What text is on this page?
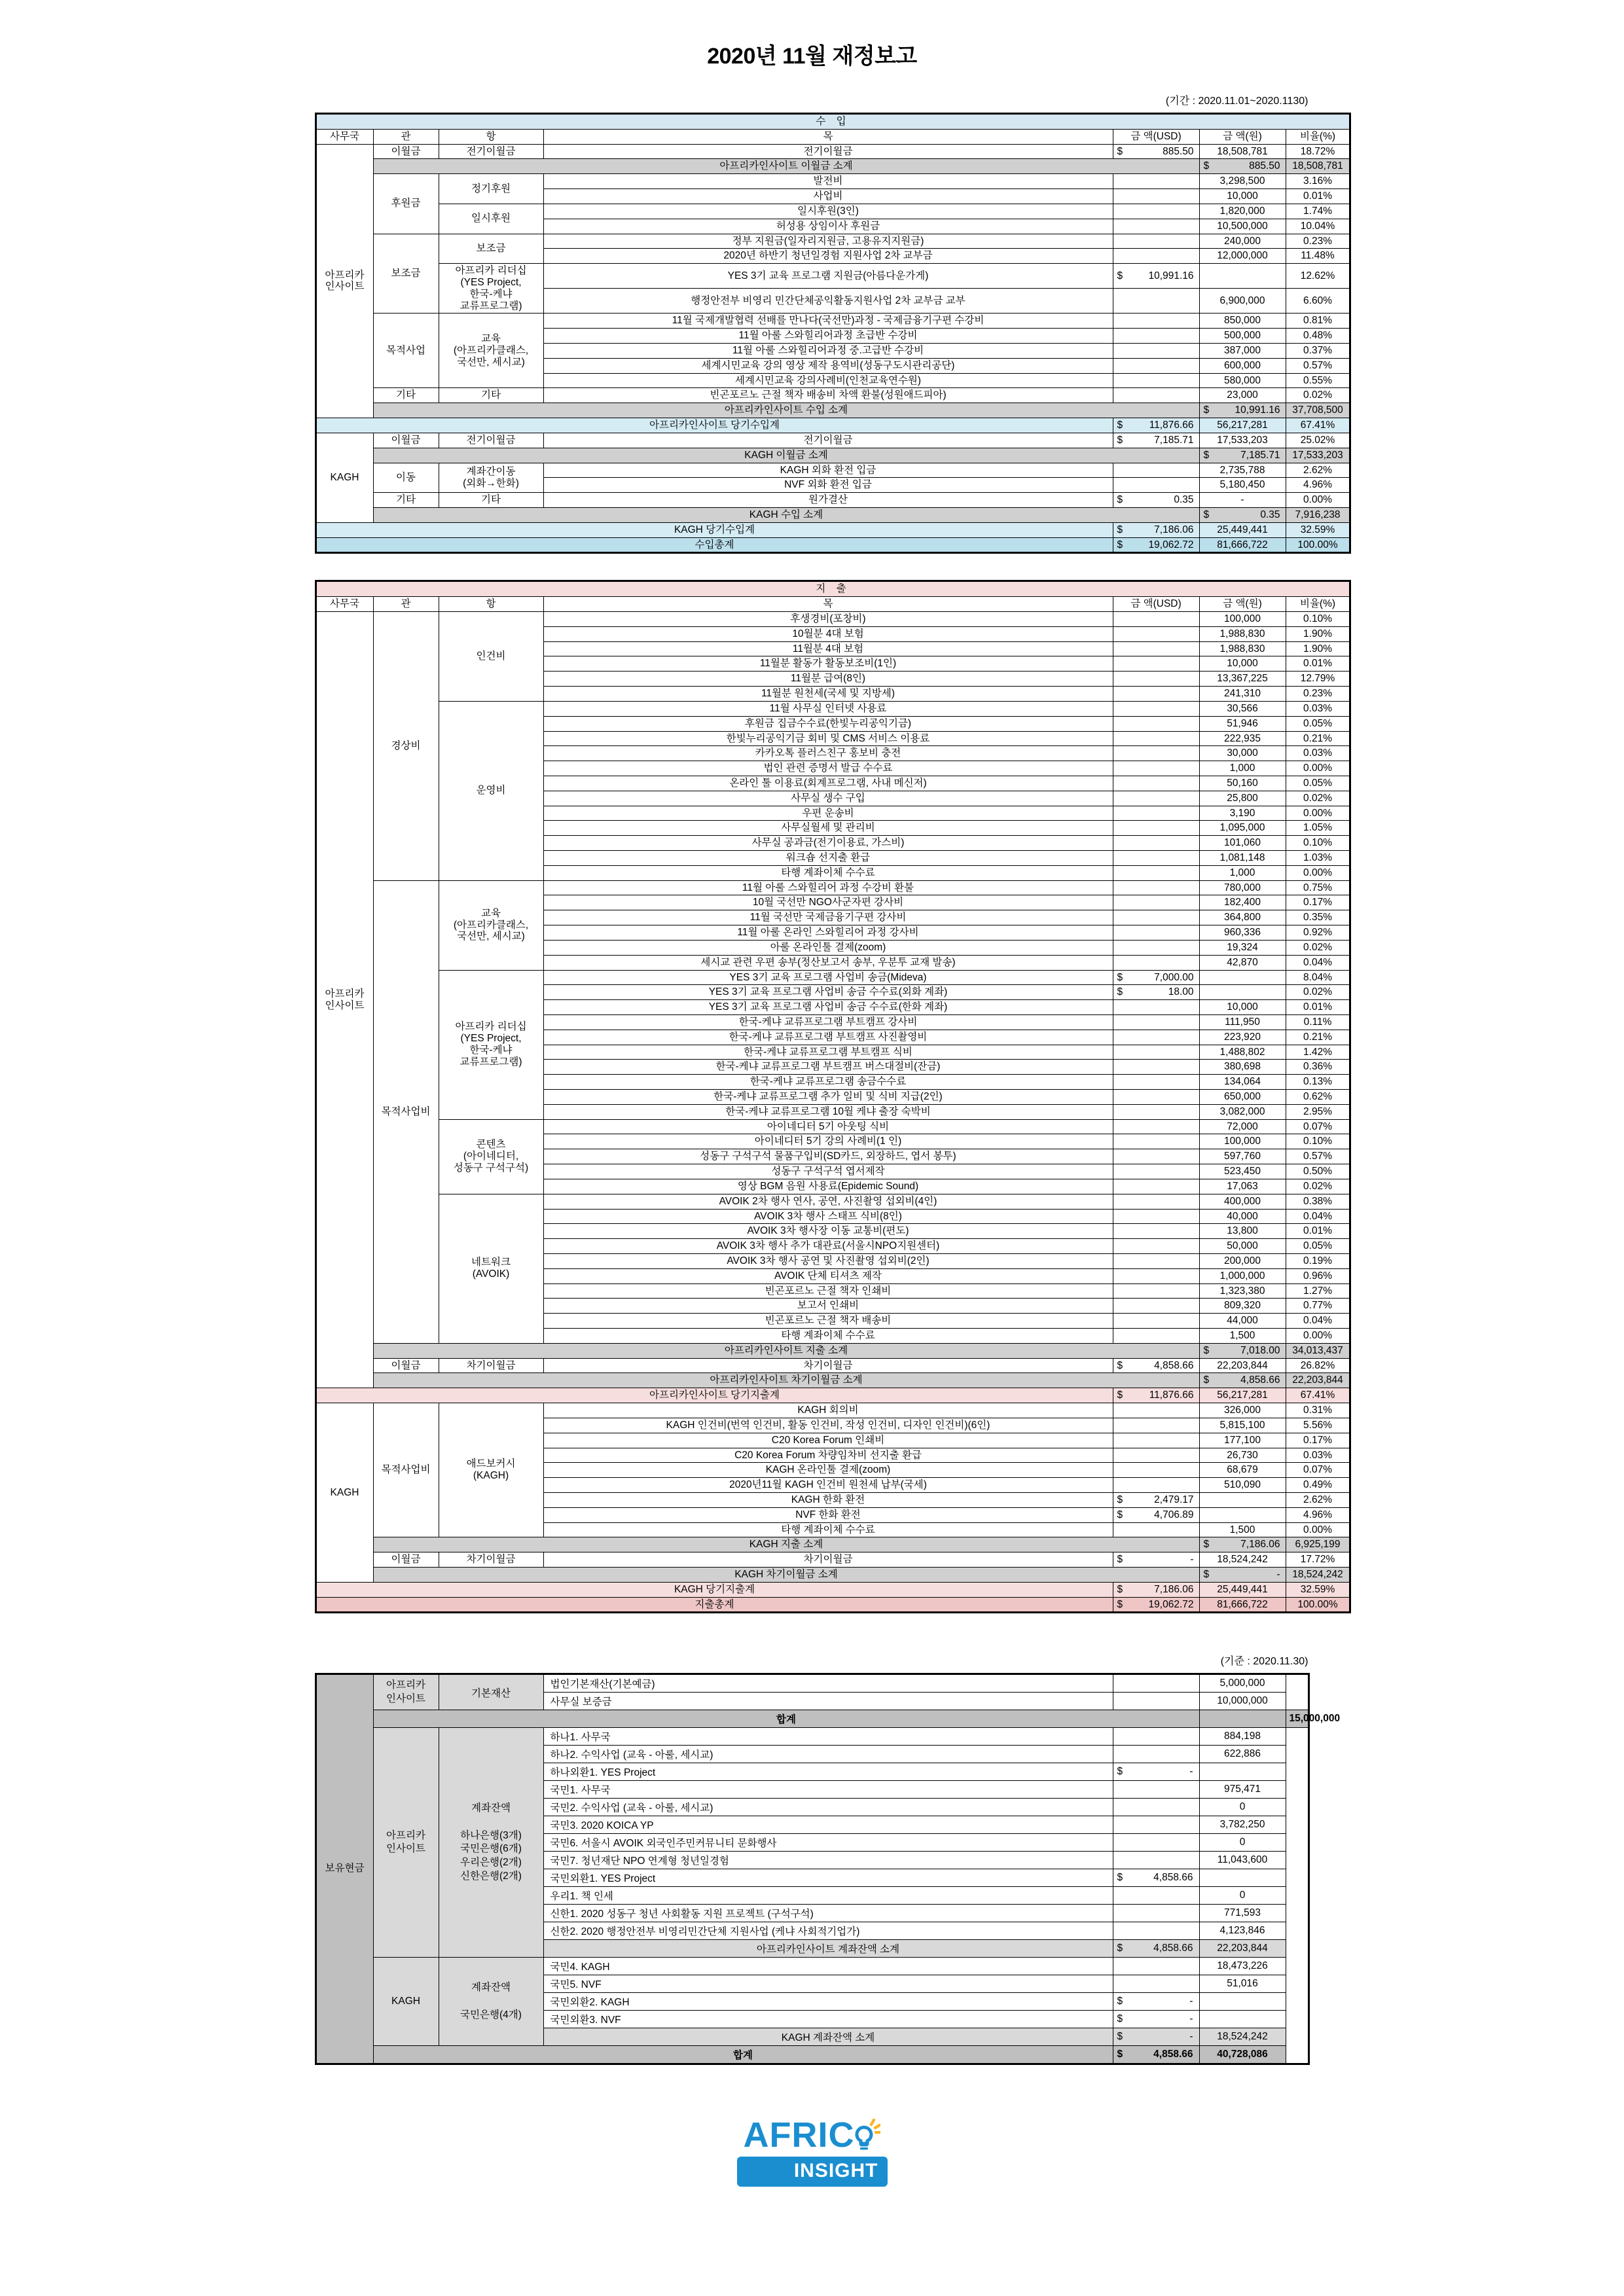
2020년 11월 재정보고
(기간 : 2020.11.01~2020.1130)
수 입							
사무국	관	항	목	금 액(USD)	금 액(원)	비율(%)	
아프리카
인사이트	이월금	전기이월금	전기이월금	$ 885.50	18,508,781	18.72%	
	아프리카인사이트 이월금 소계				$ 885.50	18,508,781	
	후원금	정기후원	발전비		3,298,500	3.16%	
			사업비		10,000	0.01%	
		일시후원	일시후원(3인)		1,820,000	1.74%	
			허성용 상임이사 후원금		10,500,000	10.04%	
	보조금	보조금	정부 지원금(일자리지원금, 고용유지지원금)		240,000	0.23%	
			2020년 하반기 청년일경험 지원사업 2차 교부금		12,000,000	11.48%	
		아프리카 리더십
(YES Project,
한국-케냐
교류프로그램)	YES 3기 교육 프로그램 지원금(아름다운가게)	$ 10,991.16		12.62%	
			행정안전부 비영리 민간단체공익활동지원사업 2차 교부금 교부		6,900,000	6.60%	
	목적사업	교육
(아프리카클래스,
국선만, 세시교)	11월 국제개발협력 선배를 만나다(국선만)과정 - 국제금융기구편 수강비		850,000	0.81%	
			11월 아룰 스와힐리어과정 초급반 수강비		500,000	0.48%	
			11월 아룰 스와힐리어과정 중.고급반 수강비		387,000	0.37%	
			세계시민교육 강의 영상 제작 용역비(성동구도시관리공단)		600,000	0.57%	
			세계시민교육 강의사례비(인천교육연수원)		580,000	0.55%	
	기타	기타	빈곤포르노 근절 책자 배송비 차액 환불(성원애드피아)		23,000	0.02%	
	아프리카인사이트 수입 소계				$ 10,991.16	37,708,500	
아프리카인사이트 당기수입계				$ 11,876.66	56,217,281	67.41%	
KAGH	이월금	전기이월금	전기이월금	$ 7,185.71	17,533,203	25.02%	
	KAGH 이월금 소계				$ 7,185.71	17,533,203	
	이동	계좌간이동
(외화→한화)	KAGH 외화 환전 입금		2,735,788	2.62%	
			NVF 외화 환전 입금		5,180,450	4.96%	
	기타	기타	원가결산	$ 0.35	-	0.00%	
	KAGH 수입 소계				$ 0.35	7,916,238	
KAGH 당기수입계				$ 7,186.06	25,449,441	32.59%	
수입총계				$ 19,062.72	81,666,722	100.00%	
지 출							
사무국	관	항	목	금 액(USD)	금 액(원)	비율(%)	
아프리카
인사이트	경상비	인건비	후생경비(포창비)		100,000	0.10%	
			10월분 4대 보험		1,988,830	1.90%	
			11월분 4대 보험		1,988,830	1.90%	
			11월분 활동가 활동보조비(1인)		10,000	0.01%	
			11월분 급여(8인)		13,367,225	12.79%	
			11월분 원천세(국세 및 지방세)		241,310	0.23%	
		운영비	11월 사무실 인터넷 사용료		30,566	0.03%	
			후원금 집금수수료(한빛누리공익기금)		51,946	0.05%	
			한빛누리공익기금 회비 및 CMS 서비스 이용료		222,935	0.21%	
			카카오톡 플러스친구 홍보비 충전		30,000	0.03%	
			법인 관련 증명서 발급 수수료		1,000	0.00%	
			온라인 툴 이용료(회계프로그램, 사내 메신저)		50,160	0.05%	
			사무실 생수 구입		25,800	0.02%	
			우편 운송비		3,190	0.00%	
			사무실월세 및 관리비		1,095,000	1.05%	
			사무실 공과금(전기이용료, 가스비)		101,060	0.10%	
			워크숍 선지출 환급		1,081,148	1.03%	
			타행 계좌이체 수수료		1,000	0.00%	
	목적사업비	교육
(아프리카클래스,
국선만, 세시교)	11월 아룰 스와힐리어 과정 수강비 환불		780,000	0.75%	
			10월 국선만 NGO사군자편 강사비		182,400	0.17%	
			11월 국선만 국제금융기구편 강사비		364,800	0.35%	
			11월 아룰 온라인 스와힐리어 과정 강사비		960,336	0.92%	
			아룰 온라인툴 결제(zoom)		19,324	0.02%	
			세시교 관련 우편 송부(정산보고서 송부, 우분투 교재 발송)		42,870	0.04%	
		아프리카 리더십
(YES Project,
한국-케냐
교류프로그램)	YES 3기 교육 프로그램 사업비 송금(Mideva)	$ 7,000.00		8.04%	
			YES 3기 교육 프로그램 사업비 송금 수수료(외화 계좌)	$ 18.00		0.02%	
			YES 3기 교육 프로그램 사업비 송금 수수료(한화 계좌)		10,000	0.01%	
			한국-케냐 교류프로그램 부트캠프 강사비		111,950	0.11%	
			한국-케냐 교류프로그램 부트캠프 사진촬영비		223,920	0.21%	
			한국-케냐 교류프로그램 부트캠프 식비		1,488,802	1.42%	
			한국-케냐 교류프로그램 부트캠프 버스대절비(잔금)		380,698	0.36%	
			한국-케냐 교류프로그램 송금수수료		134,064	0.13%	
			한국-케냐 교류프로그램 추가 일비 및 식비 지급(2인)		650,000	0.62%	
			한국-케냐 교류프로그램 10월 케냐 출장 숙박비		3,082,000	2.95%	
		콘텐츠
(아이네디터,
성동구 구석구석)	아이네디터 5기 아웃팅 식비		72,000	0.07%	
			아이네디터 5기 강의 사례비(1 인)		100,000	0.10%	
			성동구 구석구석 물품구입비(SD카드, 외장하드, 엽서 봉투)		597,760	0.57%	
			성동구 구석구석 엽서제작		523,450	0.50%	
			영상 BGM 음원 사용료(Epidemic Sound)		17,063	0.02%	
		네트워크
(AVOIK)	AVOIK 2차 행사 연사, 공연, 사진촬영 섭외비(4인)		400,000	0.38%	
			AVOIK 3차 행사 스태프 식비(8인)		40,000	0.04%	
			AVOIK 3차 행사장 이동 교통비(편도)		13,800	0.01%	
			AVOIK 3차 행사 추가 대관료(서울시NPO지원센터)		50,000	0.05%	
			AVOIK 3차 행사 공연 및 사진촬영 섭외비(2인)		200,000	0.19%	
			AVOIK 단체 티셔츠 제작		1,000,000	0.96%	
			빈곤포르노 근절 책자 인쇄비		1,323,380	1.27%	
			보고서 인쇄비		809,320	0.77%	
			빈곤포르노 근절 책자 배송비		44,000	0.04%	
			타행 계좌이체 수수료		1,500	0.00%	
	아프리카인사이트 지출 소계				$ 7,018.00	34,013,437	
	이월금	차기이월금	차기이월금	$ 4,858.66	22,203,844	26.82%	
	아프리카인사이트 차기이월금 소계				$ 4,858.66	22,203,844	
아프리카인사이트 당기지출계				$ 11,876.66	56,217,281	67.41%	
KAGH	목적사업비	애드보커시
(KAGH)	KAGH 회의비		326,000	0.31%	
			KAGH 인건비(번역 인건비, 활동 인건비, 작성 인건비, 디자인 인건비)(6인)		5,815,100	5.56%	
			C20 Korea Forum 인쇄비		177,100	0.17%	
			C20 Korea Forum 차량임차비 선지출 환급		26,730	0.03%	
			KAGH 온라인툴 결제(zoom)		68,679	0.07%	
			2020년11월 KAGH 인건비 원천세 납부(국세)		510,090	0.49%	
			KAGH 한화 환전	$ 2,479.17		2.62%	
			NVF 한화 환전	$ 4,706.89		4.96%	
			타행 계좌이체 수수료		1,500	0.00%	
	KAGH 지출 소계				$ 7,186.06	6,925,199	
	이월금	차기이월금	차기이월금	$ -	18,524,242	17.72%	
	KAGH 차기이월금 소계				$ -	18,524,242	
KAGH 당기지출계				$ 7,186.06	25,449,441	32.59%	
지출총계				$ 19,062.72	81,666,722	100.00%	
(기준 : 2020.11.30)
보유현금	아프리카
인사이트	기본재산	법인기본재산(기본예금)		5,000,000	
			사무실 보증금		10,000,000	
	합계					15,000,000
	아프리카
인사이트	계좌잔액

하나은행(3개)
국민은행(6개)
우리은행(2개)
신한은행(2개)	하나1. 사무국		884,198	
			하나2. 수익사업 (교육 - 아룰, 세시교)		622,886	
			하나외환1. YES Project	$ -		

			국민1. 사무국		975,471	
			국민2. 수익사업 (교육 - 아룰, 세시교)		0	
			국민3. 2020 KOICA YP		3,782,250	
			국민6. 서울시 AVOIK 외국인주민커뮤니티 문화행사		0	
			국민7. 청년재단 NPO 연계형 청년일경험		11,043,600	
			국민외환1. YES Project	$ 4,858.66		

			우리1. 책 인세		0	
			신한1. 2020 성동구 청년 사회활동 지원 프로젝트 (구석구석)		771,593	
			신한2. 2020 행정안전부 비영리민간단체 지원사업 (케냐 사회적기업가)		4,123,846	
			아프리카인사이트 계좌잔액 소계	$ 4,858.66	22,203,844	
	KAGH	계좌잔액

국민은행(4개)	국민4. KAGH		18,473,226	
			국민5. NVF		51,016	
			국민외환2. KAGH	$ -		

			국민외환3. NVF	$ -		

			KAGH 계좌잔액 소계	$ -	18,524,242	
	합계			$ 4,858.66	40,728,086	
AFRIC
INSIGHT
